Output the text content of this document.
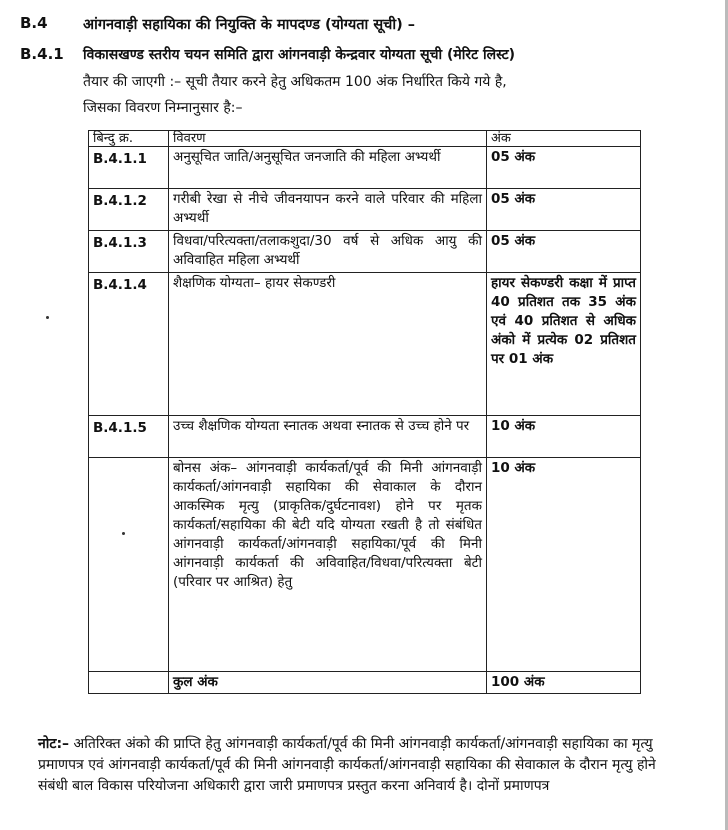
B.4 आंगनवाड़ी सहायिका की नियुक्ति के मापदण्ड (योग्यता सूची) –
B.4.1 विकासखण्ड स्तरीय चयन समिति द्वारा आंगनवाड़ी केन्द्रवार योग्यता सूची (मेरिट लिस्ट)
तैयार की जाएगी :– सूची तैयार करने हेतु अधिकतम 100 अंक निर्धारित किये गये है,
जिसका विवरण निम्नानुसार है:–
बिन्दु क्र.	विवरण	अंक
B.4.1.1	अनुसूचित जाति/अनुसूचित जनजाति की महिला अभ्यर्थी	05 अंक
B.4.1.2	गरीबी रेखा से नीचे जीवनयापन करने वाले परिवार की महिला अभ्यर्थी	05 अंक
B.4.1.3	विधवा/परित्यक्ता/तलाकशुदा/30 वर्ष से अधिक आयु की अविवाहित महिला अभ्यर्थी	05 अंक
B.4.1.4	शैक्षणिक योग्यता– हायर सेकण्डरी	हायर सेकण्डरी कक्षा में प्राप्त 40 प्रतिशत तक 35 अंक एवं 40 प्रतिशत से अधिक अंको में प्रत्येक 02 प्रतिशत पर 01 अंक
B.4.1.5	उच्च शैक्षणिक योग्यता स्नातक अथवा स्नातक से उच्च होने पर	10 अंक
	बोनस अंक– आंगनवाड़ी कार्यकर्ता/पूर्व की मिनी आंगनवाड़ी कार्यकर्ता/आंगनवाड़ी सहायिका की सेवाकाल के दौरान आकस्मिक मृत्यु (प्राकृतिक/दुर्घटनावश) होने पर मृतक कार्यकर्ता/सहायिका की बेटी यदि योग्यता रखती है तो संबंधित आंगनवाड़ी कार्यकर्ता/आंगनवाड़ी सहायिका/पूर्व की मिनी आंगनवाड़ी कार्यकर्ता की अविवाहित/विधवा/परित्यक्ता बेटी (परिवार पर आश्रित) हेतु	10 अंक
	कुल अंक	100 अंक
नोट:– अतिरिक्त अंको की प्राप्ति हेतु आंगनवाड़ी कार्यकर्ता/पूर्व की मिनी आंगनवाड़ी कार्यकर्ता/आंगनवाड़ी सहायिका का मृत्यु प्रमाणपत्र एवं आंगनवाड़ी कार्यकर्ता/पूर्व की मिनी आंगनवाड़ी कार्यकर्ता/आंगनवाड़ी सहायिका की सेवाकाल के दौरान मृत्यु होने संबंधी बाल विकास परियोजना अधिकारी द्वारा जारी प्रमाणपत्र प्रस्तुत करना अनिवार्य है। दोनों प्रमाणपत्र
